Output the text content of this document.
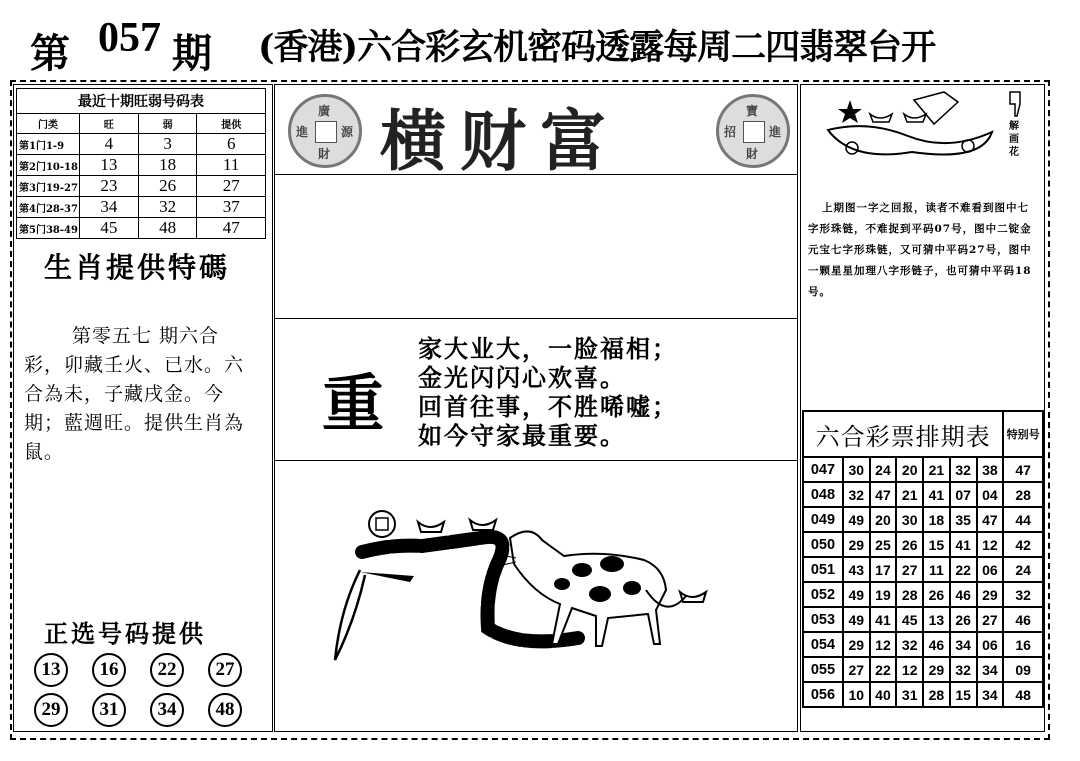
第 057 期 (香港)六合彩玄机密码透露每周二四翡翠台开
最近十期旺弱号码表
门类	旺	弱	提供
第1门1-9	4	3	6
第2门10-18	13	18	11
第3门19-27	23	26	27
第4门28-37	34	32	37
第5门38-49	45	48	47
生肖提供特碼
第零五七 期六合彩，卯藏壬火、已水。六合為未，子藏戌金。今期；藍週旺。提供生肖為鼠。
正选号码提供
13	16	22	27
29	31	34	48
廣
進	源
財 横财富	寶
招	進
財
重
家大业大，一脸福相；
金光闪闪心欢喜。
回首往事，不胜唏嘘；
如今守家最重要。
解画花
上期图一字之回报，读者不难看到图中七字形珠链，不难捉到平码07号，图中二锭金元宝七字形珠链，又可猜中平码27号，图中一颗星星加理八字形链子，也可猜中平码18号。
六合彩票排期表							特别号
047	30	24	20	21	32	38	47
048	32	47	21	41	07	04	28
049	49	20	30	18	35	47	44
050	29	25	26	15	41	12	42
051	43	17	27	11	22	06	24
052	49	19	28	26	46	29	32
053	49	41	45	13	26	27	46
054	29	12	32	46	34	06	16
055	27	22	12	29	32	34	09
056	10	40	31	28	15	34	48
